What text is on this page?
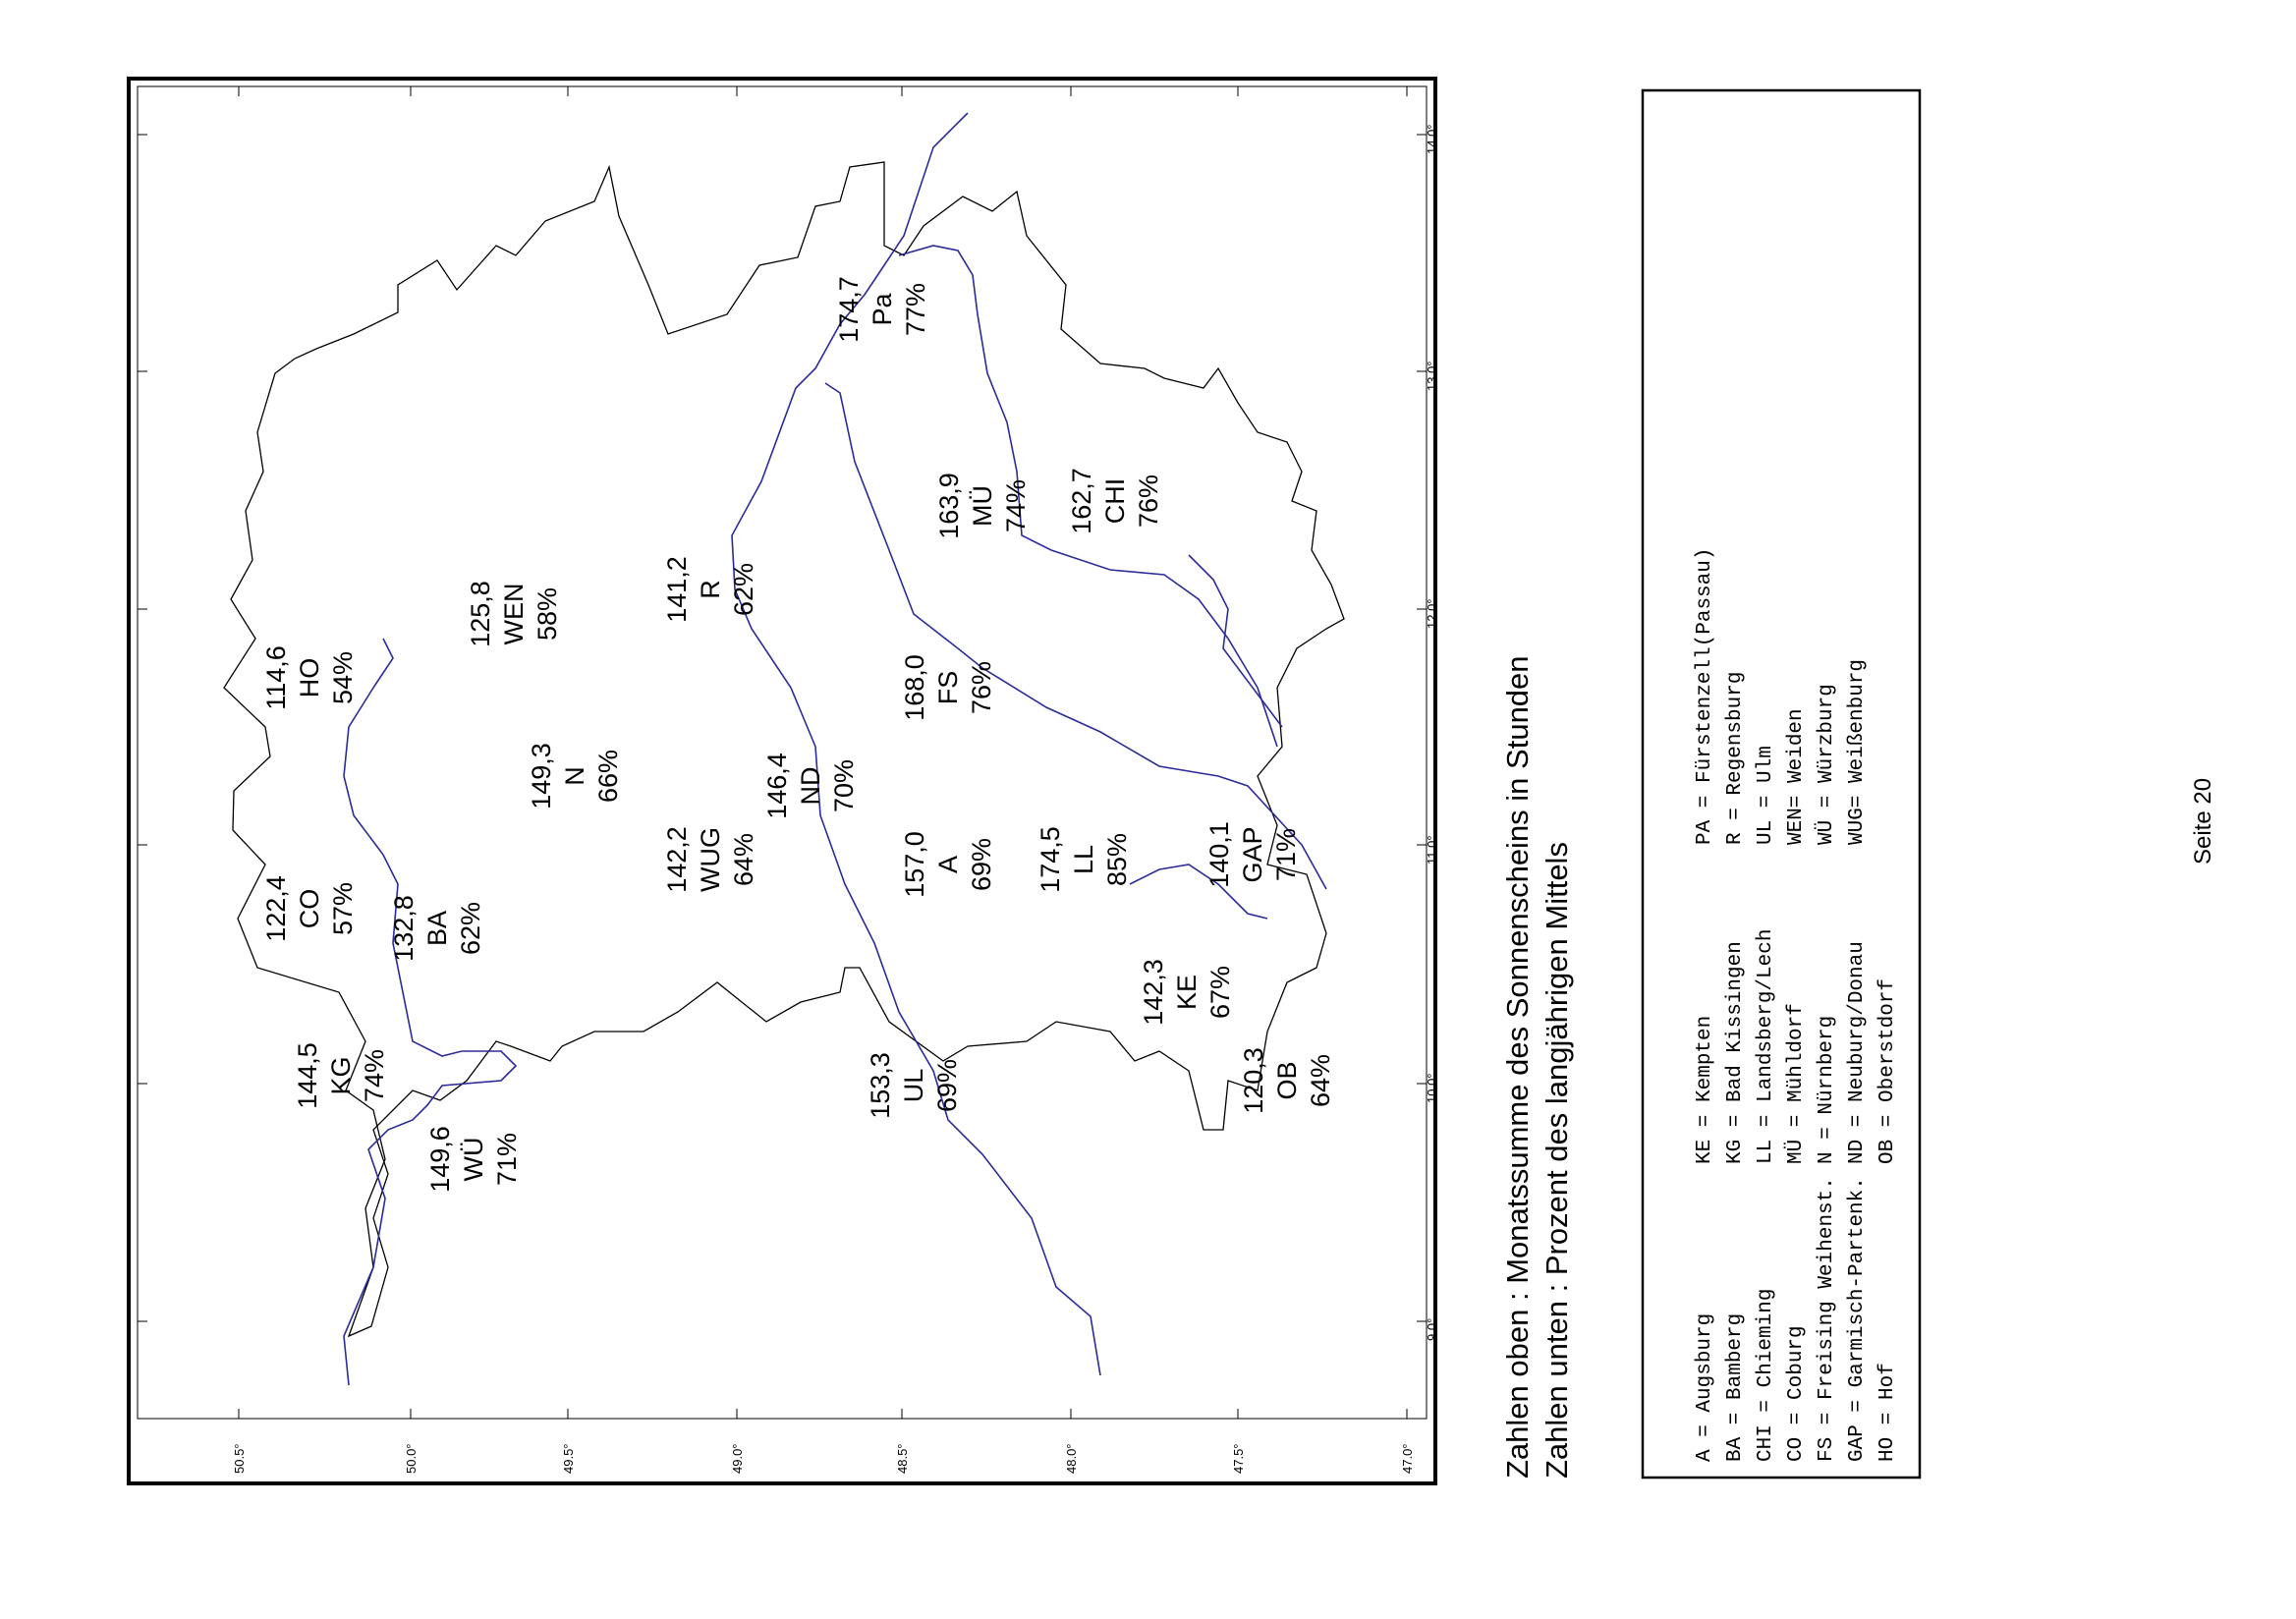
50.5°	50.0°	49.5°	49.0°	48.5°	48.0°	47.5°	47.0°
9.0°
10.0°
11.0°
12.0°
13.0°
14.0°
114,6 HO 54%
125,8 WEN 58%	141,2 R 62%
174,7 Pa 77%
122,4 CO 57%
149,3 N 66%	146,4 ND 70%
168,0 FS 76%
163,9 MÜ 74% 162,7 CHI 76%
132,8 BA 62%
142,2 WUG 64%	157,0 A 69% 174,5 LL 85%	140,1 GAP 71%
142,3 KE 67%
144,5 KG 74%	153,3 UL 69%	120,3 OB 64%
149,6 WÜ 71%	Zahlen oben : Monatssumme des Sonnenscheins in Stunden Zahlen unten : Prozent des langjährigen Mittels	A = Augsburg BA = Bamberg CHI = Chieming CO = Coburg FS = Freising Weihenst. GAP = Garmisch-Partenk. HO = Hof
KE = Kempten KG = Bad Kissingen LL = Landsberg/Lech MÜ = Mühldorf N = Nürnberg ND = Neuburg/Donau OB = Oberstdorf
PA = Fürstenzell(Passau) R = Regensburg UL = Ulm WEN= Weiden WÜ = Würzburg WUG= Weißenburg	Seite 20
